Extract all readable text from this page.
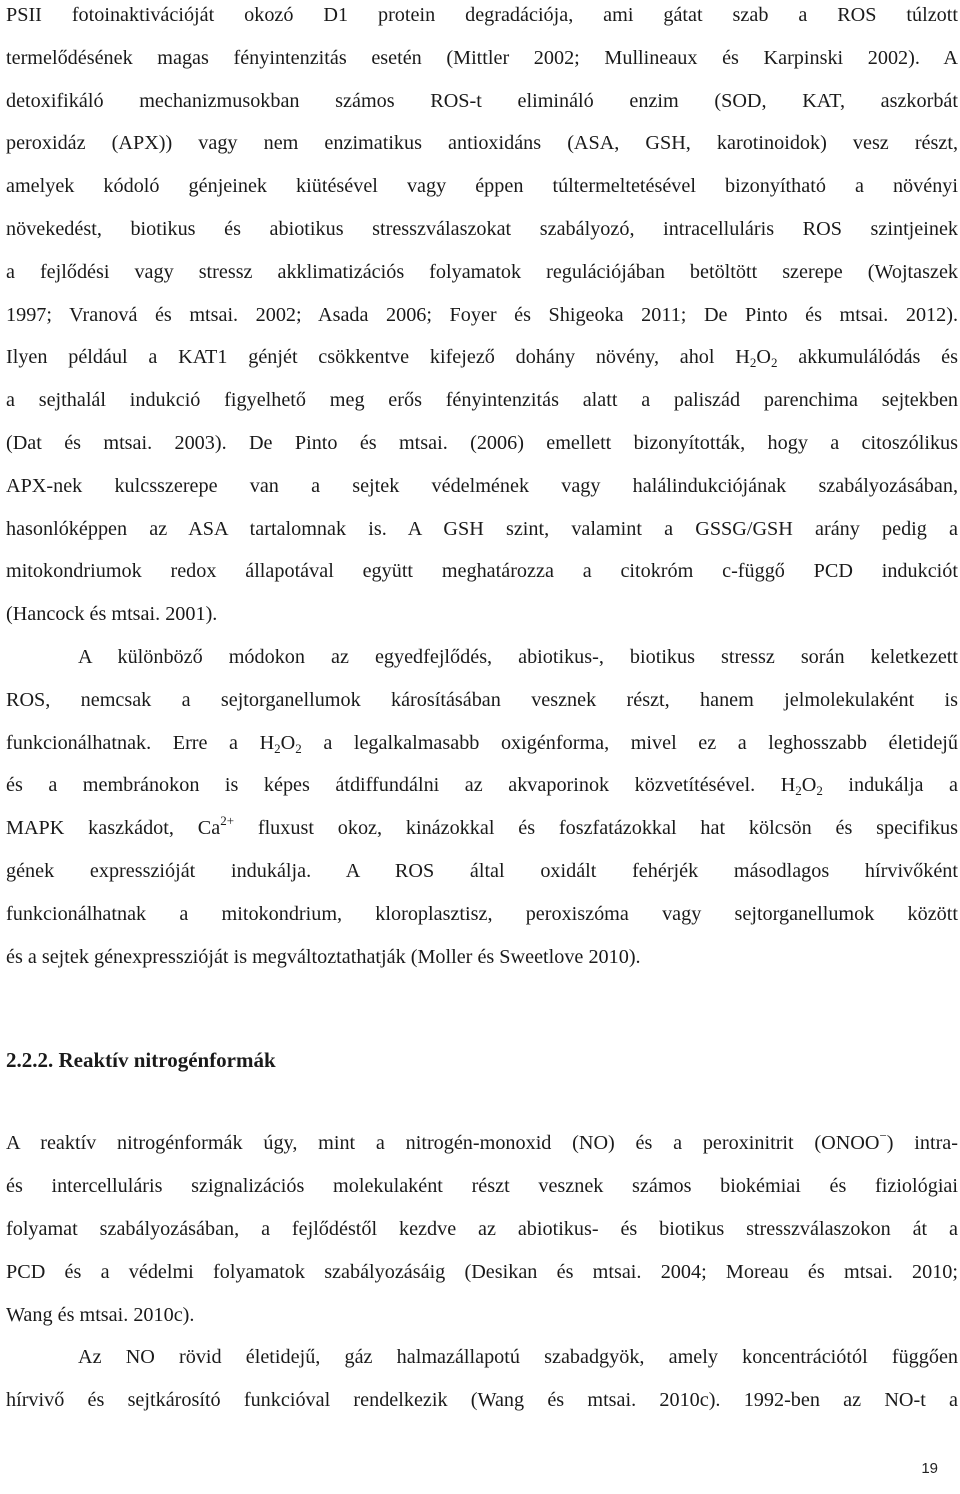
PSII fotoinaktivációját okozó D1 protein degradációja, ami gátat szab a ROS túlzott
termelődésének magas fényintenzitás esetén (Mittler 2002; Mullineaux és Karpinski 2002). A
detoxifikáló mechanizmusokban számos ROS-t elimináló enzim (SOD, KAT, aszkorbát
peroxidáz (APX)) vagy nem enzimatikus antioxidáns (ASA, GSH, karotinoidok) vesz részt,
amelyek kódoló génjeinek kiütésével vagy éppen túltermeltetésével bizonyítható a növényi
növekedést, biotikus és abiotikus stresszválaszokat szabályozó, intracelluláris ROS szintjeinek
a fejlődési vagy stressz akklimatizációs folyamatok regulációjában betöltött szerepe (Wojtaszek
1997; Vranová és mtsai. 2002; Asada 2006; Foyer és Shigeoka 2011; De Pinto és mtsai. 2012).
Ilyen például a KAT1 génjét csökkentve kifejező dohány növény, ahol $H_2O_2$ akkumulálódás és
a sejthalál indukció figyelhető meg erős fényintenzitás alatt a paliszád parenchima sejtekben
(Dat és mtsai. 2003). De Pinto és mtsai. (2006) emellett bizonyították, hogy a citoszólikus
APX-nek kulcsszerepe van a sejtek védelmének vagy halálindukciójának szabályozásában,
hasonlóképpen az ASA tartalomnak is. A GSH szint, valamint a GSSG/GSH arány pedig a
mitokondriumok redox állapotával együtt meghatározza a citokróm c-függő PCD indukciót
(Hancock és mtsai. 2001).
A különböző módokon az egyedfejlődés, abiotikus-, biotikus stressz során keletkezett
ROS, nemcsak a sejtorganellumok károsításában vesznek részt, hanem jelmolekulaként is
funkcionálhatnak. Erre a $H_2O_2$ a legalkalmasabb oxigénforma, mivel ez a leghosszabb életidejű
és a membránokon is képes átdiffundálni az akvaporinok közvetítésével. $H_2O_2$ indukálja a
MAPK kaszkádot, $Ca^{2+}$ fluxust okoz, kinázokkal és foszfatázokkal hat kölcsön és specifikus
gének expresszióját indukálja. A ROS által oxidált fehérjék másodlagos hírvivőként
funkcionálhatnak a mitokondrium, kloroplasztisz, peroxiszóma vagy sejtorganellumok között
és a sejtek génexpresszióját is megváltoztathatják (Moller és Sweetlove 2010).
2.2.2. Reaktív nitrogénformák
A reaktív nitrogénformák úgy, mint a nitrogén-monoxid (NO) és a peroxinitrit (ONOO−) intra-
és intercelluláris szignalizációs molekulaként részt vesznek számos biokémiai és fiziológiai
folyamat szabályozásában, a fejlődéstől kezdve az abiotikus- és biotikus stresszválaszokon át a
PCD és a védelmi folyamatok szabályozásáig (Desikan és mtsai. 2004; Moreau és mtsai. 2010;
Wang és mtsai. 2010c).
Az NO rövid életidejű, gáz halmazállapotú szabadgyök, amely koncentrációtól függően
hírvivő és sejtkárosító funkcióval rendelkezik (Wang és mtsai. 2010c). 1992-ben az NO-t a
19
